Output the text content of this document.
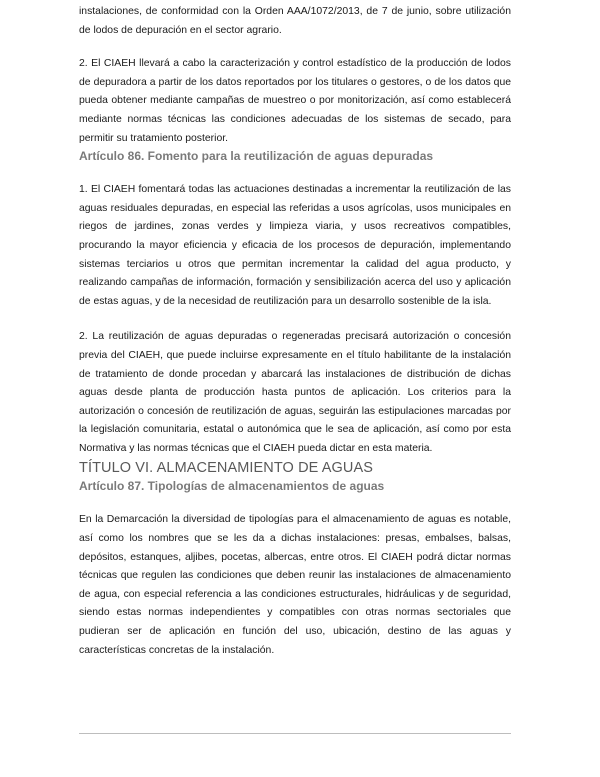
instalaciones, de conformidad con la Orden AAA/1072/2013, de 7 de junio, sobre utilización de lodos de depuración en el sector agrario.

2. El CIAEH llevará a cabo la caracterización y control estadístico de la producción de lodos de depuradora a partir de los datos reportados por los titulares o gestores, o de los datos que pueda obtener mediante campañas de muestreo o por monitorización, así como establecerá mediante normas técnicas las condiciones adecuadas de los sistemas de secado, para permitir su tratamiento posterior.

Artículo 86. Fomento para la reutilización de aguas depuradas

1. El CIAEH fomentará todas las actuaciones destinadas a incrementar la reutilización de las aguas residuales depuradas, en especial las referidas a usos agrícolas, usos municipales en riegos de jardines, zonas verdes y limpieza viaria, y usos recreativos compatibles, procurando la mayor eficiencia y eficacia de los procesos de depuración, implementando sistemas terciarios u otros que permitan incrementar la calidad del agua producto, y realizando campañas de información, formación y sensibilización acerca del uso y aplicación de estas aguas, y de la necesidad de reutilización para un desarrollo sostenible de la isla.

2. La reutilización de aguas depuradas o regeneradas precisará autorización o concesión previa del CIAEH, que puede incluirse expresamente en el título habilitante de la instalación de tratamiento de donde procedan y abarcará las instalaciones de distribución de dichas aguas desde planta de producción hasta puntos de aplicación. Los criterios para la autorización o concesión de reutilización de aguas, seguirán las estipulaciones marcadas por la legislación comunitaria, estatal o autonómica que le sea de aplicación, así como por esta Normativa y las normas técnicas que el CIAEH pueda dictar en esta materia.

TÍTULO VI. ALMACENAMIENTO DE AGUAS
Artículo 87. Tipologías de almacenamientos de aguas

En la Demarcación la diversidad de tipologías para el almacenamiento de aguas es notable, así como los nombres que se les da a dichas instalaciones: presas, embalses, balsas, depósitos, estanques, aljibes, pocetas, albercas, entre otros. El CIAEH podrá dictar normas técnicas que regulen las condiciones que deben reunir las instalaciones de almacenamiento de agua, con especial referencia a las condiciones estructurales, hidráulicas y de seguridad, siendo estas normas independientes y compatibles con otras normas sectoriales que pudieran ser de aplicación en función del uso, ubicación, destino de las aguas y características concretas de la instalación.
